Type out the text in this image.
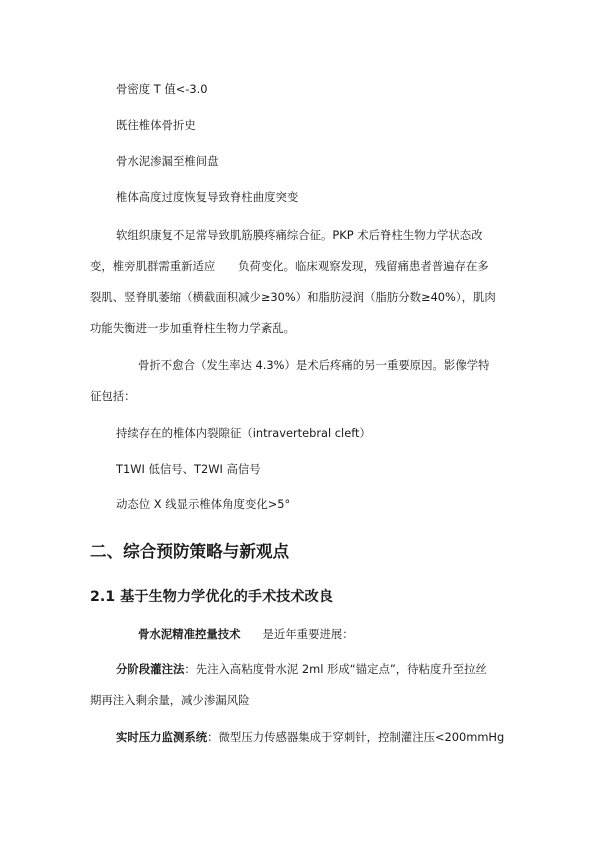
骨密度 T 值<-3.0
既往椎体骨折史
骨水泥渗漏至椎间盘
椎体高度过度恢复导致脊柱曲度突变
软组织康复不足常导致肌筋膜疼痛综合征。PKP 术后脊柱生物力学状态改
变，椎旁肌群需重新适应　　负荷变化。临床观察发现，残留痛患者普遍存在多
裂肌、竖脊肌萎缩（横截面积减少≥30%）和脂肪浸润（脂肪分数≥40%），肌肉
功能失衡进一步加重脊柱生物力学紊乱。
骨折不愈合（发生率达 4.3%）是术后疼痛的另一重要原因。影像学特
征包括：
持续存在的椎体内裂隙征（intravertebral cleft）
T1WI 低信号、T2WI 高信号
动态位 X 线显示椎体角度变化>5°
二、综合预防策略与新观点
2.1 基于生物力学优化的手术技术改良
骨水泥精准控量技术 是近年重要进展：
分阶段灌注法：先注入高粘度骨水泥 2ml 形成“锚定点”，待粘度升至拉丝
期再注入剩余量，减少渗漏风险
实时压力监测系统：微型压力传感器集成于穿刺针，控制灌注压<200mmHg
